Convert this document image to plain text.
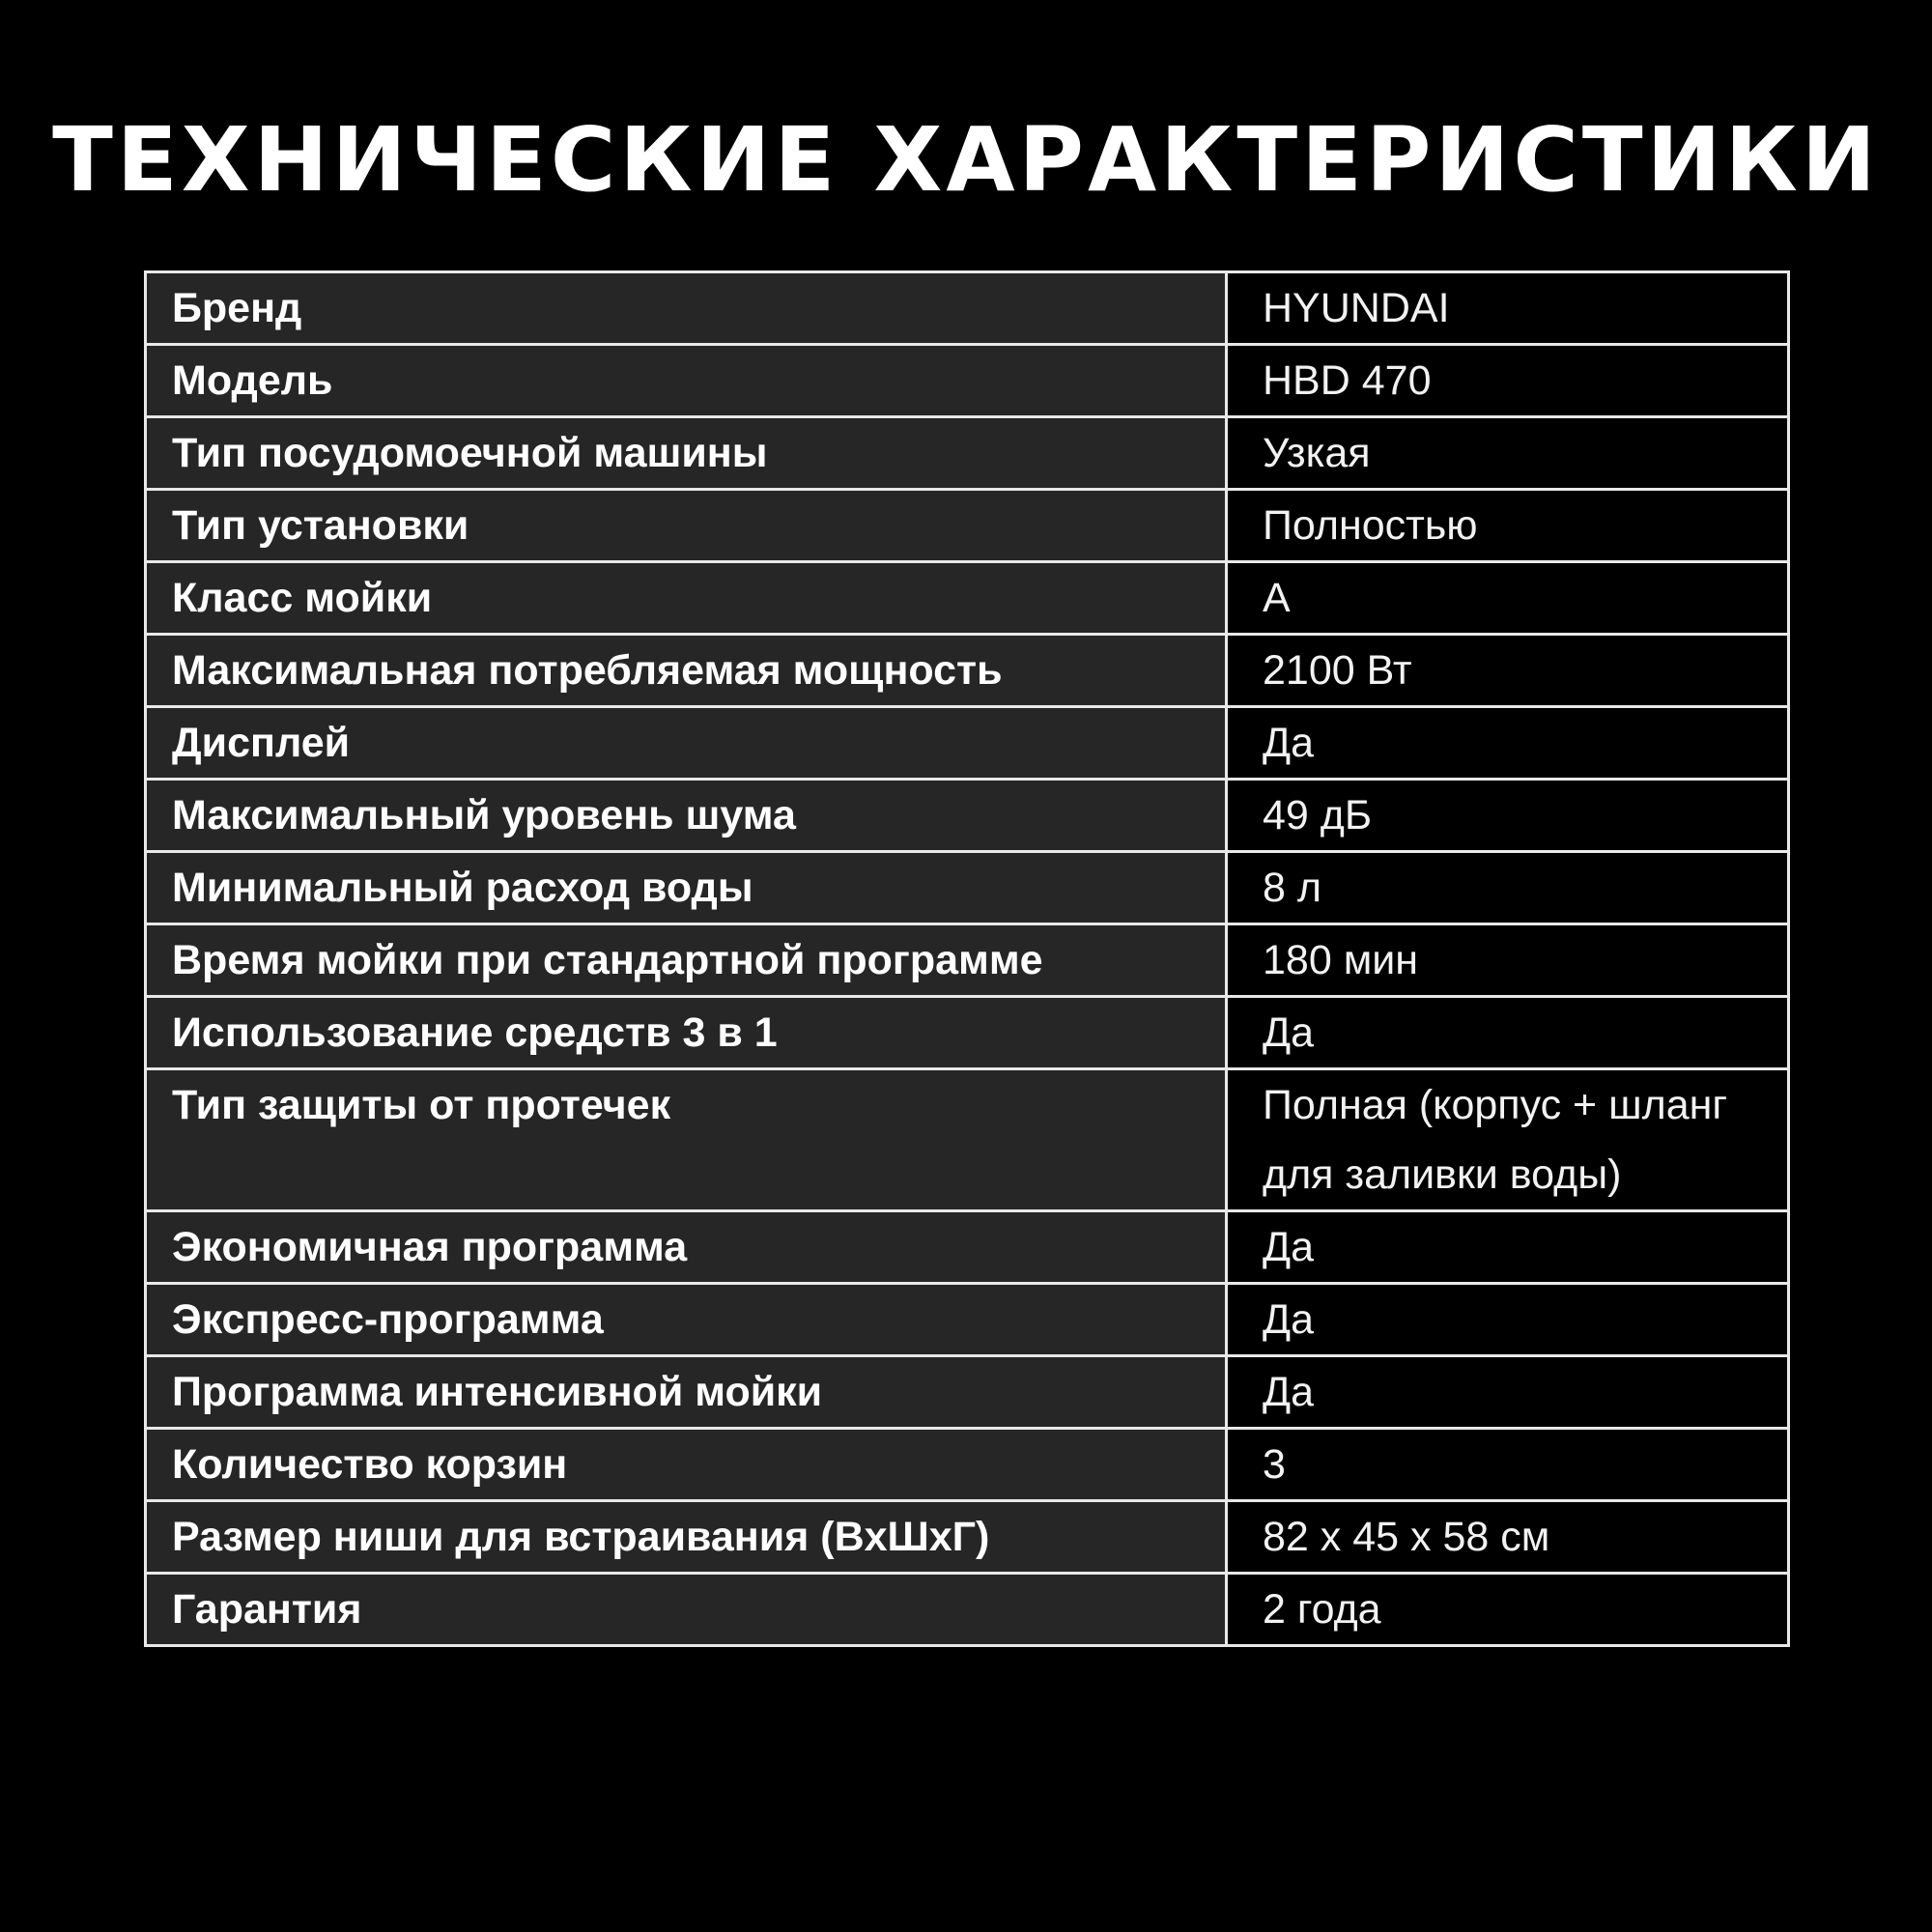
ТЕХНИЧЕСКИЕ ХАРАКТЕРИСТИКИ
Бренд	HYUNDAI
Модель	HBD 470
Тип посудомоечной машины	Узкая
Тип установки	Полностью
Класс мойки	A
Максимальная потребляемая мощность	2100 Вт
Дисплей	Да
Максимальный уровень шума	49 дБ
Минимальный расход воды	8 л
Время мойки при стандартной программе	180 мин
Использование средств 3 в 1	Да
Тип защиты от протечек	Полная (корпус + шланг для заливки воды)
Экономичная программа	Да
Экспресс-программа	Да
Программа интенсивной мойки	Да
Количество корзин	3
Размер ниши для встраивания (ВxШxГ)	82 x 45 x 58 см
Гарантия	2 года
